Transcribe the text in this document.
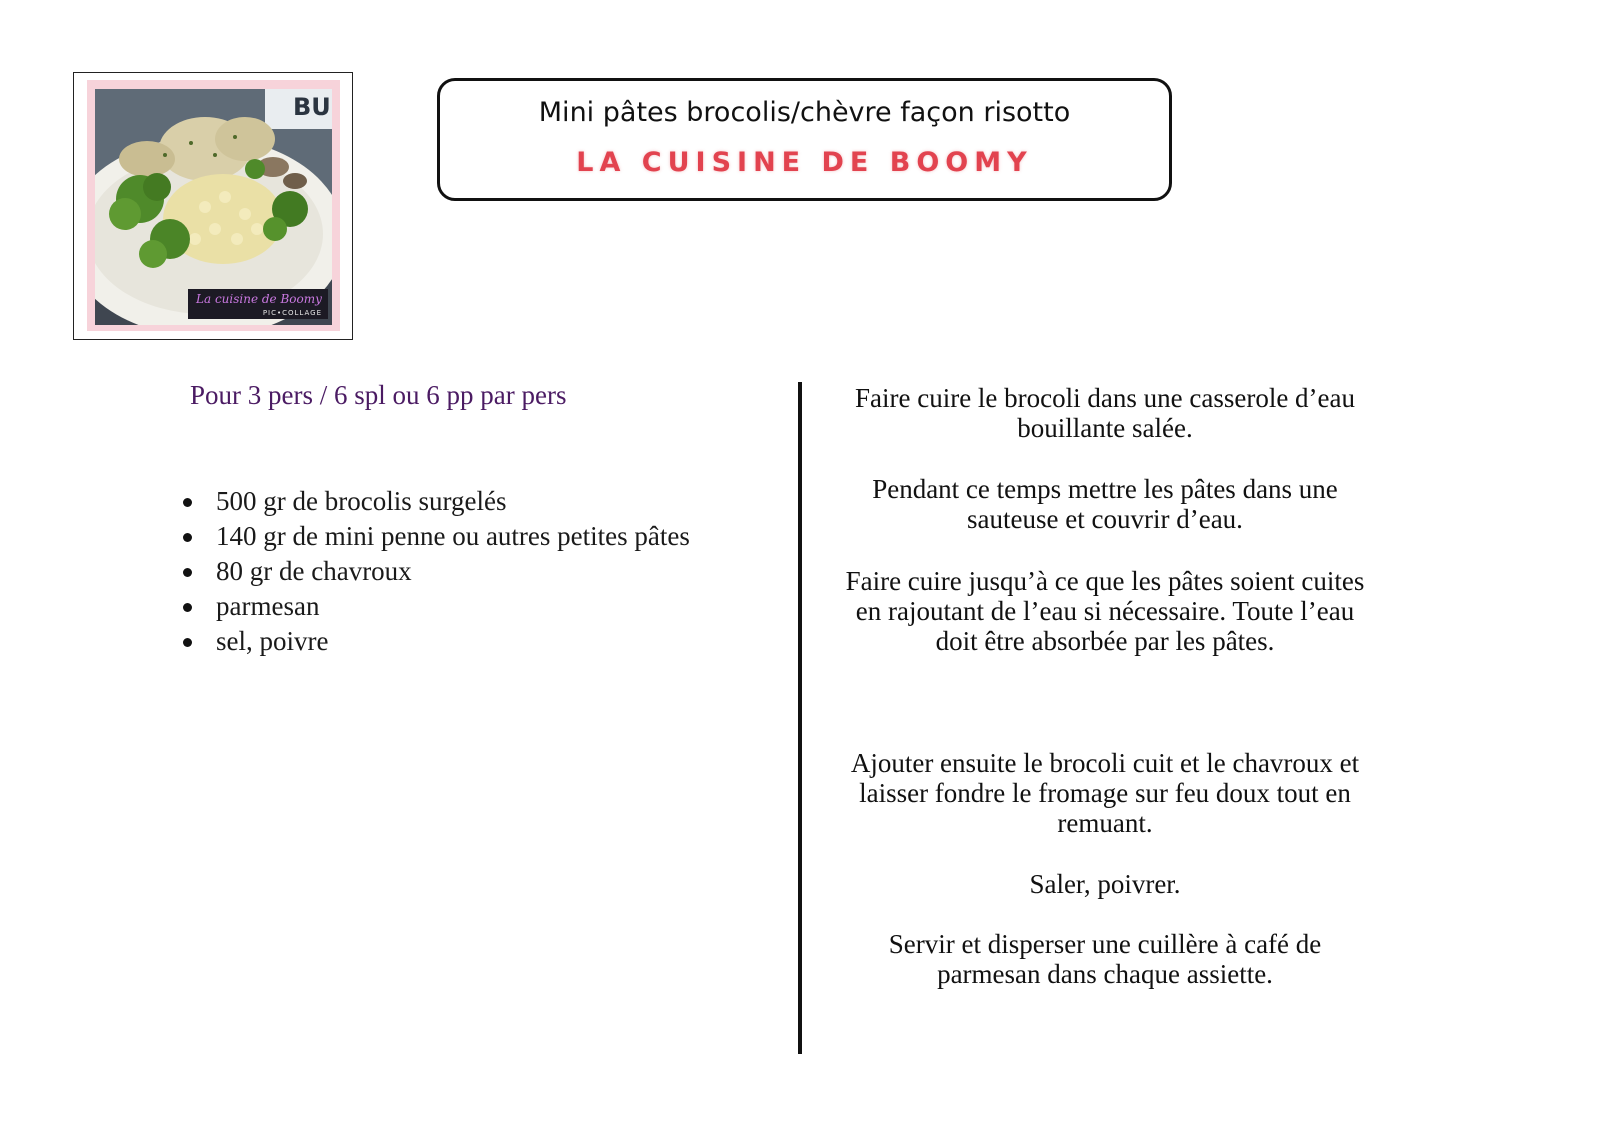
BU
La cuisine de Boomy
PIC•COLLAGE
Mini pâtes brocolis/chèvre façon risotto
LA CUISINE DE BOOMY
Pour 3 pers / 6 spl ou 6 pp par pers
500 gr de brocolis surgelés
140 gr de mini penne ou autres petites pâtes
80 gr de chavroux
parmesan
sel, poivre
Faire cuire le brocoli dans une casserole d’eau
bouillante salée.
Pendant ce temps mettre les pâtes dans une
sauteuse et couvrir d’eau.
Faire cuire jusqu’à ce que les pâtes soient cuites
en rajoutant de l’eau si nécessaire. Toute l’eau
doit être absorbée par les pâtes.
Ajouter ensuite le brocoli cuit et le chavroux et
laisser fondre le fromage sur feu doux tout en
remuant.
Saler, poivrer.
Servir et disperser une cuillère à café de
parmesan dans chaque assiette.
